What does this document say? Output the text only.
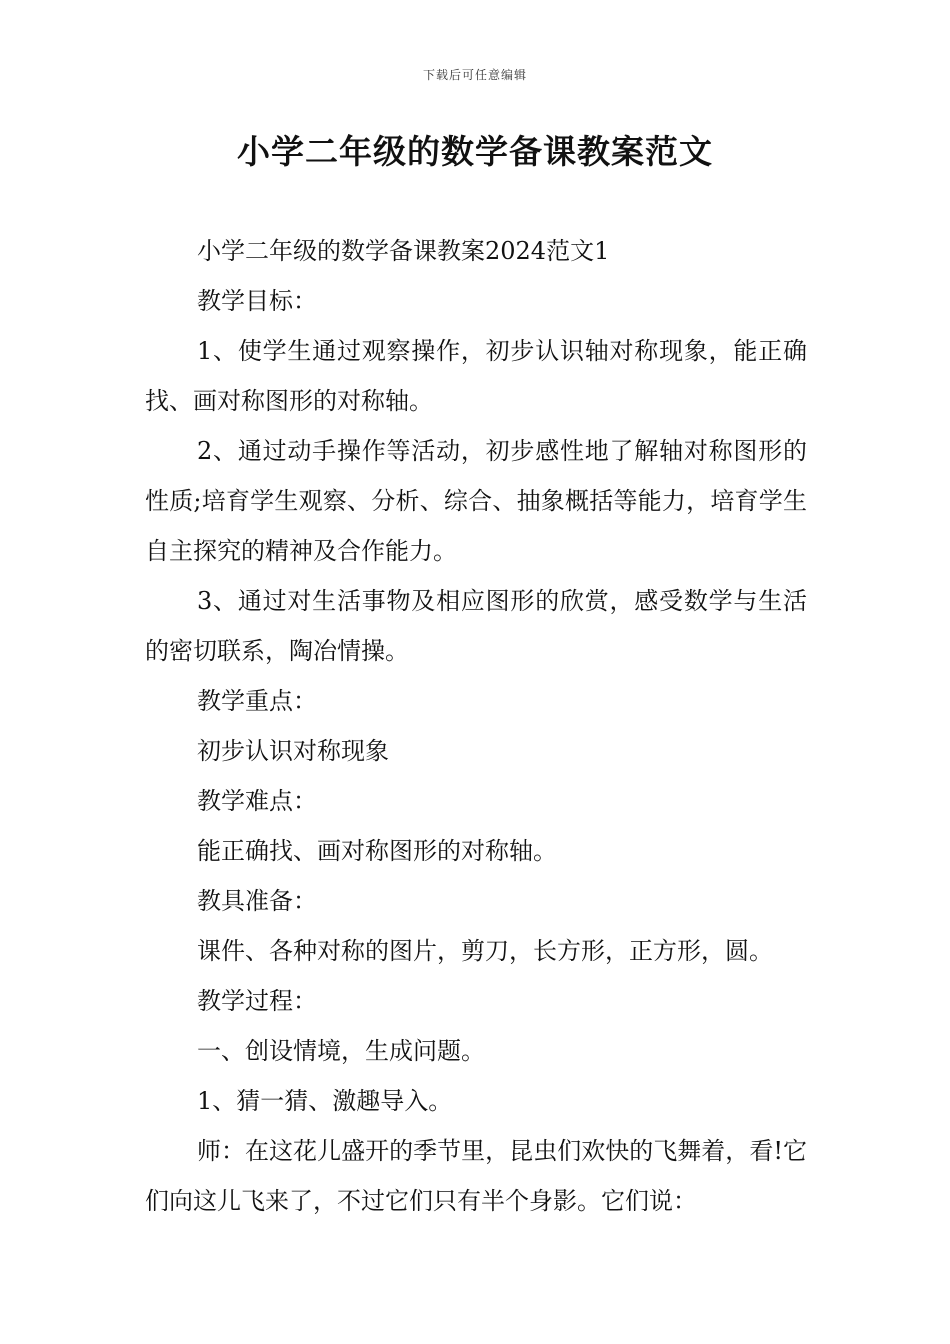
下载后可任意编辑
小学二年级的数学备课教案范文

小学二年级的数学备课教案2024范文1

教学目标：

1、使学生通过观察操作，初步认识轴对称现象，能正确找、画对称图形的对称轴。

2、通过动手操作等活动，初步感性地了解轴对称图形的性质;培育学生观察、分析、综合、抽象概括等能力，培育学生自主探究的精神及合作能力。

3、通过对生活事物及相应图形的欣赏，感受数学与生活的密切联系，陶冶情操。

教学重点：

初步认识对称现象

教学难点：

能正确找、画对称图形的对称轴。

教具准备：

课件、各种对称的图片，剪刀，长方形，正方形，圆。

教学过程：

一、创设情境，生成问题。

1、猜一猜、激趣导入。

师：在这花儿盛开的季节里，昆虫们欢快的飞舞着，看!它们向这儿飞来了，不过它们只有半个身影。它们说：
